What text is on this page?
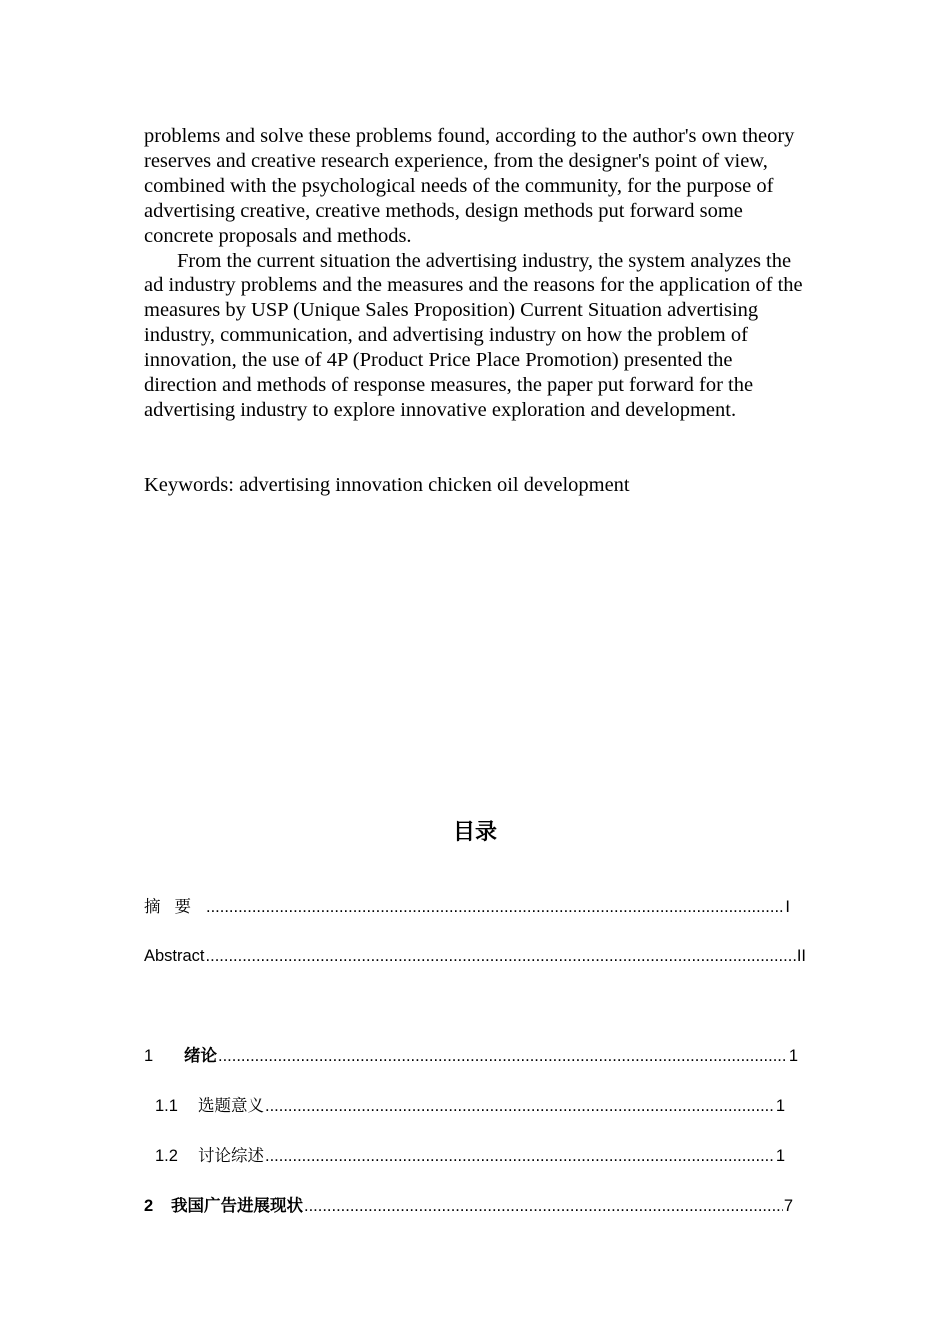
problems and solve these problems found, according to the author's own theory reserves and creative research experience, from the designer's point of view, combined with the psychological needs of the community, for the purpose of advertising creative, creative methods, design methods put forward some concrete proposals and methods.

From the current situation the advertising industry, the system analyzes the ad industry problems and the measures and the reasons for the application of the measures by USP (Unique Sales Proposition) Current Situation advertising industry, communication, and advertising industry on how the problem of innovation, the use of 4P (Product Price Place Promotion) presented the direction and methods of response measures, the paper put forward for the advertising industry to explore innovative exploration and development.

Keywords: advertising innovation chicken oil development
目录
摘要 .....	I
Abstract .....	II
1	绪论 .....	1
1.1	选题意义 .....	1
1.2	讨论综述 .....	1
2	我国广告进展现状 .....	7
